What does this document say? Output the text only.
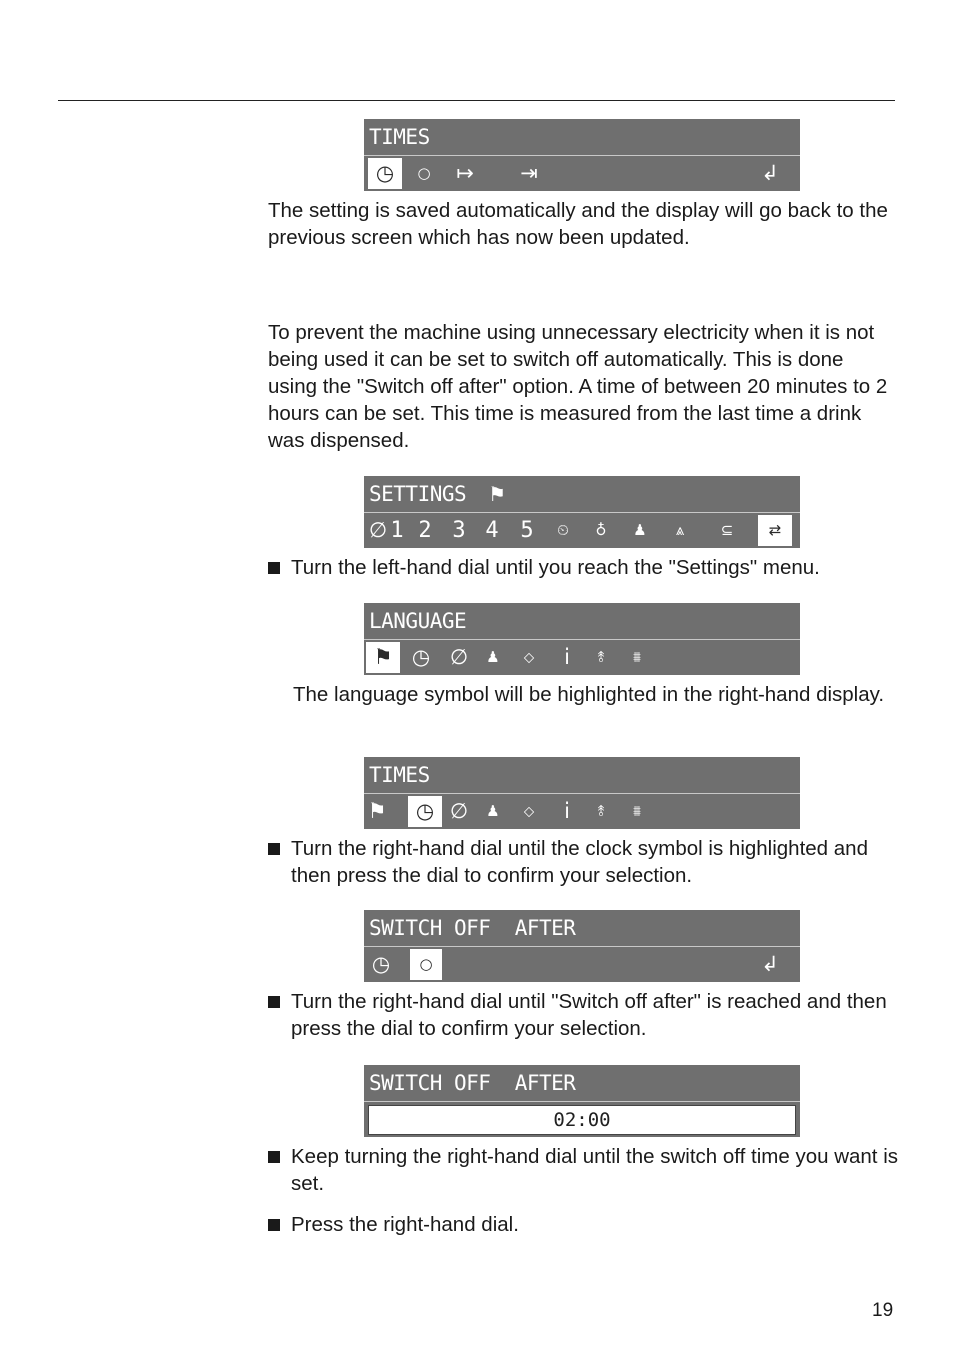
TIMES
◷	○	↦ ⇥	↲
The setting is saved automatically and the display will go back to the previous screen which has now been updated.
To prevent the machine using unnecessary electricity when it is not being used it can be set to switch off automatically. This is done using the "Switch off after" option. A time of between 20 minutes to 2 hours can be set. This time is measured from the last time a drink was dispensed.
SETTINGS ⚑
∅ 1 2 3 4 5	⏲	♁	♟	⩓	⊆	⇄
Turn the left-hand dial until you reach the "Settings" menu.
LANGUAGE
⚑ ◷ ∅	♟	⬦	i	⥉	⩩
The language symbol will be highlighted in the right-hand display.
TIMES
⚑	◷ ∅	♟	⬦	i	⥉	⩩
Turn the right-hand dial until the clock symbol is highlighted and then press the dial to confirm your selection.
SWITCH OFF  AFTER
◷	○	↲
Turn the right-hand dial until "Switch off after" is reached and then press the dial to confirm your selection.
SWITCH OFF  AFTER
02:00
Keep turning the right-hand dial until the switch off time you want is set.
Press the right-hand dial.
19
